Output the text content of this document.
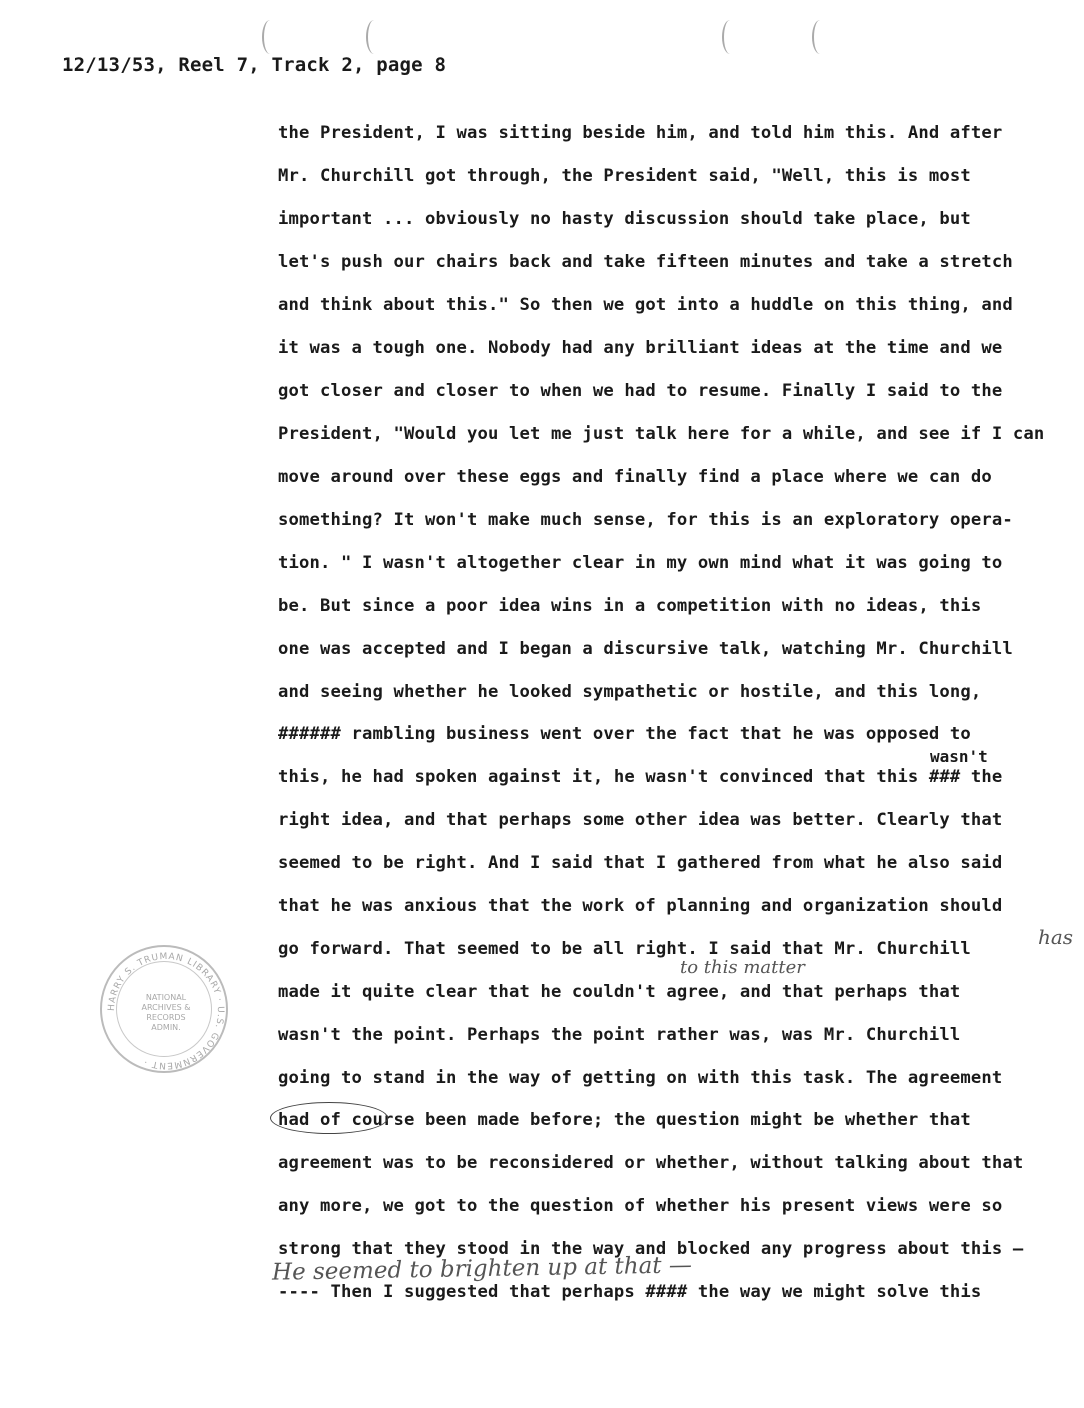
12/13/53, Reel 7, Track 2, page 8
the President, I was sitting beside him, and told him this. And after
Mr. Churchill got through, the President said, "Well, this is most
important ... obviously no hasty discussion should take place, but
let's push our chairs back and take fifteen minutes and take a stretch
and think about this." So then we got into a huddle on this thing, and
it was a tough one. Nobody had any brilliant ideas at the time and we
got closer and closer to when we had to resume. Finally I said to the
President, "Would you let me just talk here for a while, and see if I can
move around over these eggs and finally find a place where we can do
something? It won't make much sense, for this is an exploratory opera-
tion. " I wasn't altogether clear in my own mind what it was going to
be. But since a poor idea wins in a competition with no ideas, this
one was accepted and I began a discursive talk, watching Mr. Churchill
and seeing whether he looked sympathetic or hostile, and this long,
###### rambling business went over the fact that he was opposed to
this, he had spoken against it, he wasn't convinced that this ### the
right idea, and that perhaps some other idea was better. Clearly that
seemed to be right. And I said that I gathered from what he also said
that he was anxious that the work of planning and organization should
go forward. That seemed to be all right. I said that Mr. Churchill
made it quite clear that he couldn't agree, and that perhaps that
wasn't the point. Perhaps the point rather was, was Mr. Churchill
going to stand in the way of getting on with this task. The agreement
had of course been made before; the question might be whether that
agreement was to be reconsidered or whether, without talking about that
any more, we got to the question of whether his present views were so
strong that they stood in the way and blocked any progress about this —
---- Then I suggested that perhaps #### the way we might solve this
wasn't
has
to this matter
He seemed to brighten up at that —
HARRY S. TRUMAN LIBRARY · U.S. GOVERNMENT ·
NATIONAL
ARCHIVES &
RECORDS
ADMIN.
